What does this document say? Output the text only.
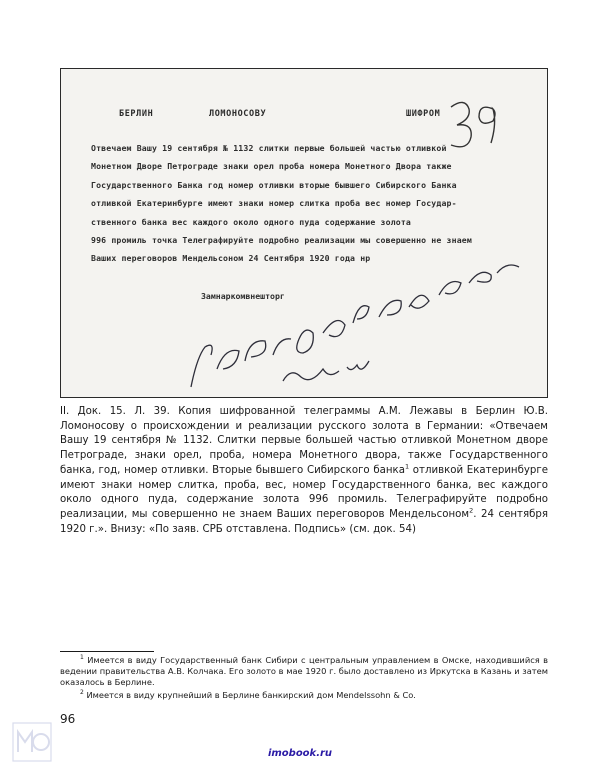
БЕРЛИН	ЛОМОНОСОВУ	ШИФРОМ
Отвечаем Вашу 19 сентября № 1132 слитки первые большей частью отливкой
Монетном Дворе Петрограде знаки орел проба номера Монетного Двора также
Государственного Банка год номер отливки вторые бывшего Сибирского Банка
отливкой Екатеринбурге имеют знаки номер слитка проба вес номер Государ-
ственного банка вес каждого около одного пуда содержание золота
996 промиль точка Телеграфируйте подробно реализации мы совершенно не знаем
Ваших переговоров Мендельсоном 24 Сентября 1920 года нр
Замнаркомвнешторг

II. Док. 15. Л. 39. Копия шифрованной телеграммы А.М. Лежавы в Берлин Ю.В. Ломоносову о происхождении и реализации русского золота в Германии: «Отвечаем Вашу 19 сентября № 1132. Слитки первые большей частью отливкой Монетном дворе Петрограде, знаки орел, проба, номера Монетного двора, также Государственного банка, год, номер отливки. Вторые бывшего Сибирского банка$^1$ отливкой Екатеринбурге имеют знаки номер слитка, проба, вес, номер Государственного банка, вес каждого около одного пуда, содержание золота 996 промиль. Телеграфируйте подробно реализации, мы совершенно не знаем Ваших переговоров Мендельсоном$^2$. 24 сентября 1920 г.». Внизу: «По заяв. СРБ отставлена. Подпись» (см. док. 54)

$^1$ Имеется в виду Государственный банк Сибири с центральным управлением в Омске, находившийся в ведении правительства А.В. Колчака. Его золото в мае 1920 г. было доставлено из Иркутска в Казань и затем оказалось в Берлине.

$^2$ Имеется в виду крупнейший в Берлине банкирский дом Mendelssohn & Co.

96
imobook.ru
